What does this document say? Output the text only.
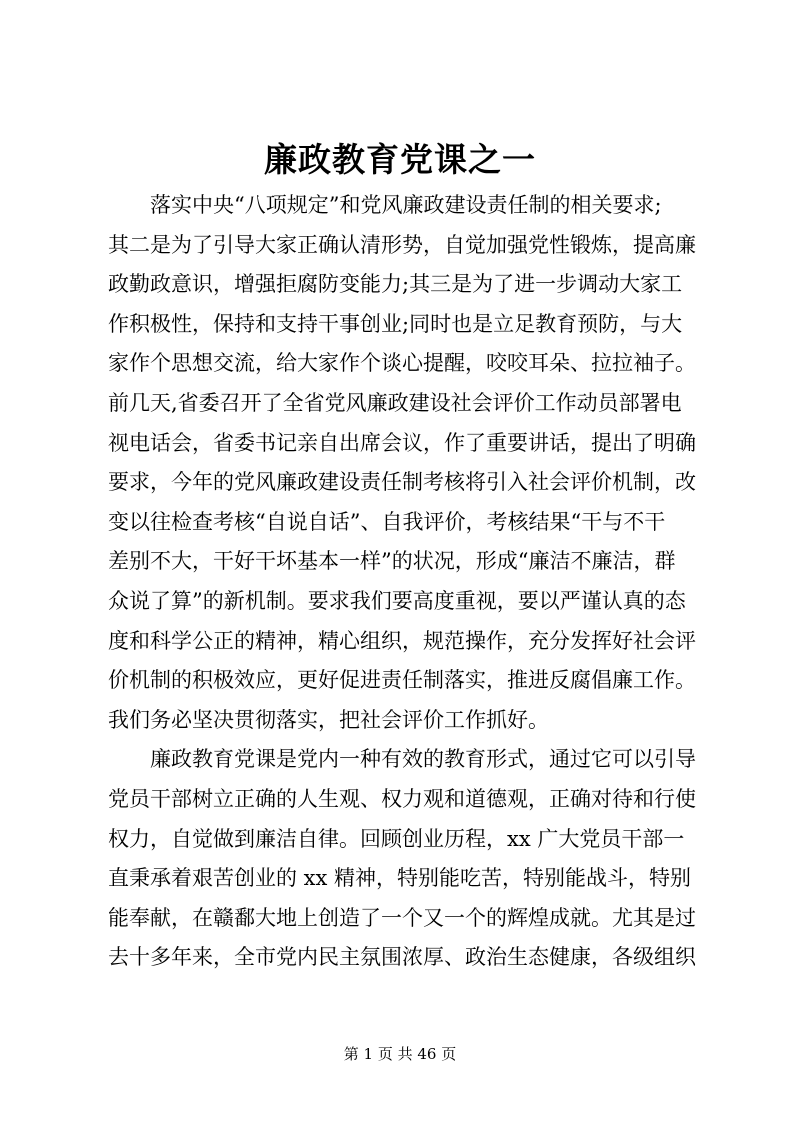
廉政教育党课之一
落实中央“八项规定”和党风廉政建设责任制的相关要求;
其二是为了引导大家正确认清形势，自觉加强党性锻炼，提高廉
政勤政意识，增强拒腐防变能力;其三是为了进一步调动大家工
作积极性，保持和支持干事创业;同时也是立足教育预防，与大
家作个思想交流，给大家作个谈心提醒，咬咬耳朵、拉拉袖子。
前几天,省委召开了全省党风廉政建设社会评价工作动员部署电
视电话会，省委书记亲自出席会议，作了重要讲话，提出了明确
要求，今年的党风廉政建设责任制考核将引入社会评价机制，改
变以往检查考核“自说自话”、自我评价，考核结果“干与不干
差别不大，干好干坏基本一样”的状况，形成“廉洁不廉洁，群
众说了算”的新机制。要求我们要高度重视，要以严谨认真的态
度和科学公正的精神，精心组织，规范操作，充分发挥好社会评
价机制的积极效应，更好促进责任制落实，推进反腐倡廉工作。
我们务必坚决贯彻落实，把社会评价工作抓好。
廉政教育党课是党内一种有效的教育形式，通过它可以引导
党员干部树立正确的人生观、权力观和道德观，正确对待和行使
权力，自觉做到廉洁自律。回顾创业历程，xx 广大党员干部一
直秉承着艰苦创业的 xx 精神，特别能吃苦，特别能战斗，特别
能奉献，在赣鄱大地上创造了一个又一个的辉煌成就。尤其是过
去十多年来，全市党内民主氛围浓厚、政治生态健康，各级组织
第 1 页 共 46 页
